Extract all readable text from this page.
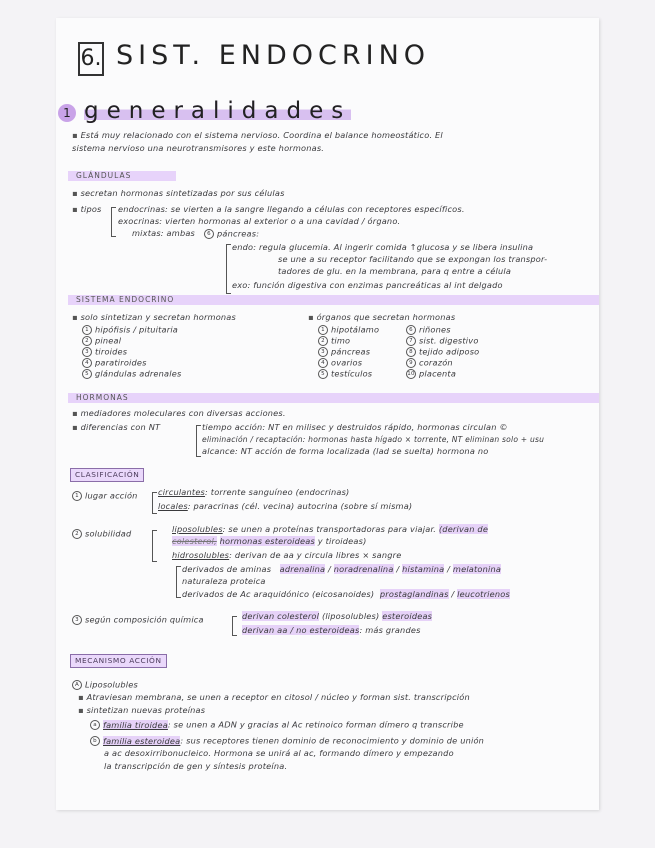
6. SIST. ENDOCRINO
1 generalidades
▪ Está muy relacionado con el sistema nervioso. Coordina el balance homeostático. El
sistema nervioso una neurotransmisores y este hormonas.
GLÁNDULAS
▪ secretan hormonas sintetizadas por sus células
▪ tipos endocrinas: se vierten a la sangre llegando a células con receptores específicos.
exocrinas: vierten hormonas al exterior o a una cavidad / órgano.
mixtas: ambas	6 páncreas:
endo: regula glucemia. Al ingerir comida ↑glucosa y se libera insulina
se une a su receptor facilitando que se expongan los transpor-
tadores de glu. en la membrana, para q entre a célula
exo: función digestiva con enzimas pancreáticas al int delgado
SISTEMA ENDOCRINO
▪ solo sintetizan y secretan hormonas
1 hipófisis / pituitaria
2 pineal
3 tiroides
4 paratiroides
5 glándulas adrenales
▪ órganos que secretan hormonas
1 hipotálamo
2 timo
3 páncreas
4 ovarios
5 testículos
6 riñones
7 sist. digestivo
8 tejido adiposo
9 corazón
10 placenta
HORMONAS
▪ mediadores moleculares con diversas acciones.
▪ diferencias con NT	tiempo acción: NT en milisec y destruidos rápido, hormonas circulan ©
eliminación / recaptación: hormonas hasta hígado × torrente, NT eliminan solo + usu
alcance: NT acción de forma localizada (lad se suelta) hormona no
CLASIFICACIÓN
1 lugar acción circulantes: torrente sanguíneo (endocrinas)
locales: paracrinas (cél. vecina) autocrina (sobre sí misma)
2 solubilidad	liposolubles: se unen a proteínas transportadoras para viajar. (derivan de
colesterol, hormonas esteroideas y tiroideas)
hidrosolubles: derivan de aa y circula libres × sangre
derivados de aminas adrenalina / noradrenalina / histamina / melatonina
naturaleza proteica
derivados de Ac araquidónico (eicosanoides) prostaglandinas / leucotrienos
3 según composición química	derivan colesterol (liposolubles) esteroideas
derivan aa / no esteroideas: más grandes
MECANISMO ACCIÓN
A Liposolubles
▪ Atraviesan membrana, se unen a receptor en citosol / núcleo y forman sist. transcripción
▪ sintetizan nuevas proteínas
a familia tiroidea: se unen a ADN y gracias al Ac retinoico forman dímero q transcribe
b familia esteroidea: sus receptores tienen dominio de reconocimiento y dominio de unión
a ac desoxirribonucleico. Hormona se unirá al ac, formando dímero y empezando
la transcripción de gen y síntesis proteína.
